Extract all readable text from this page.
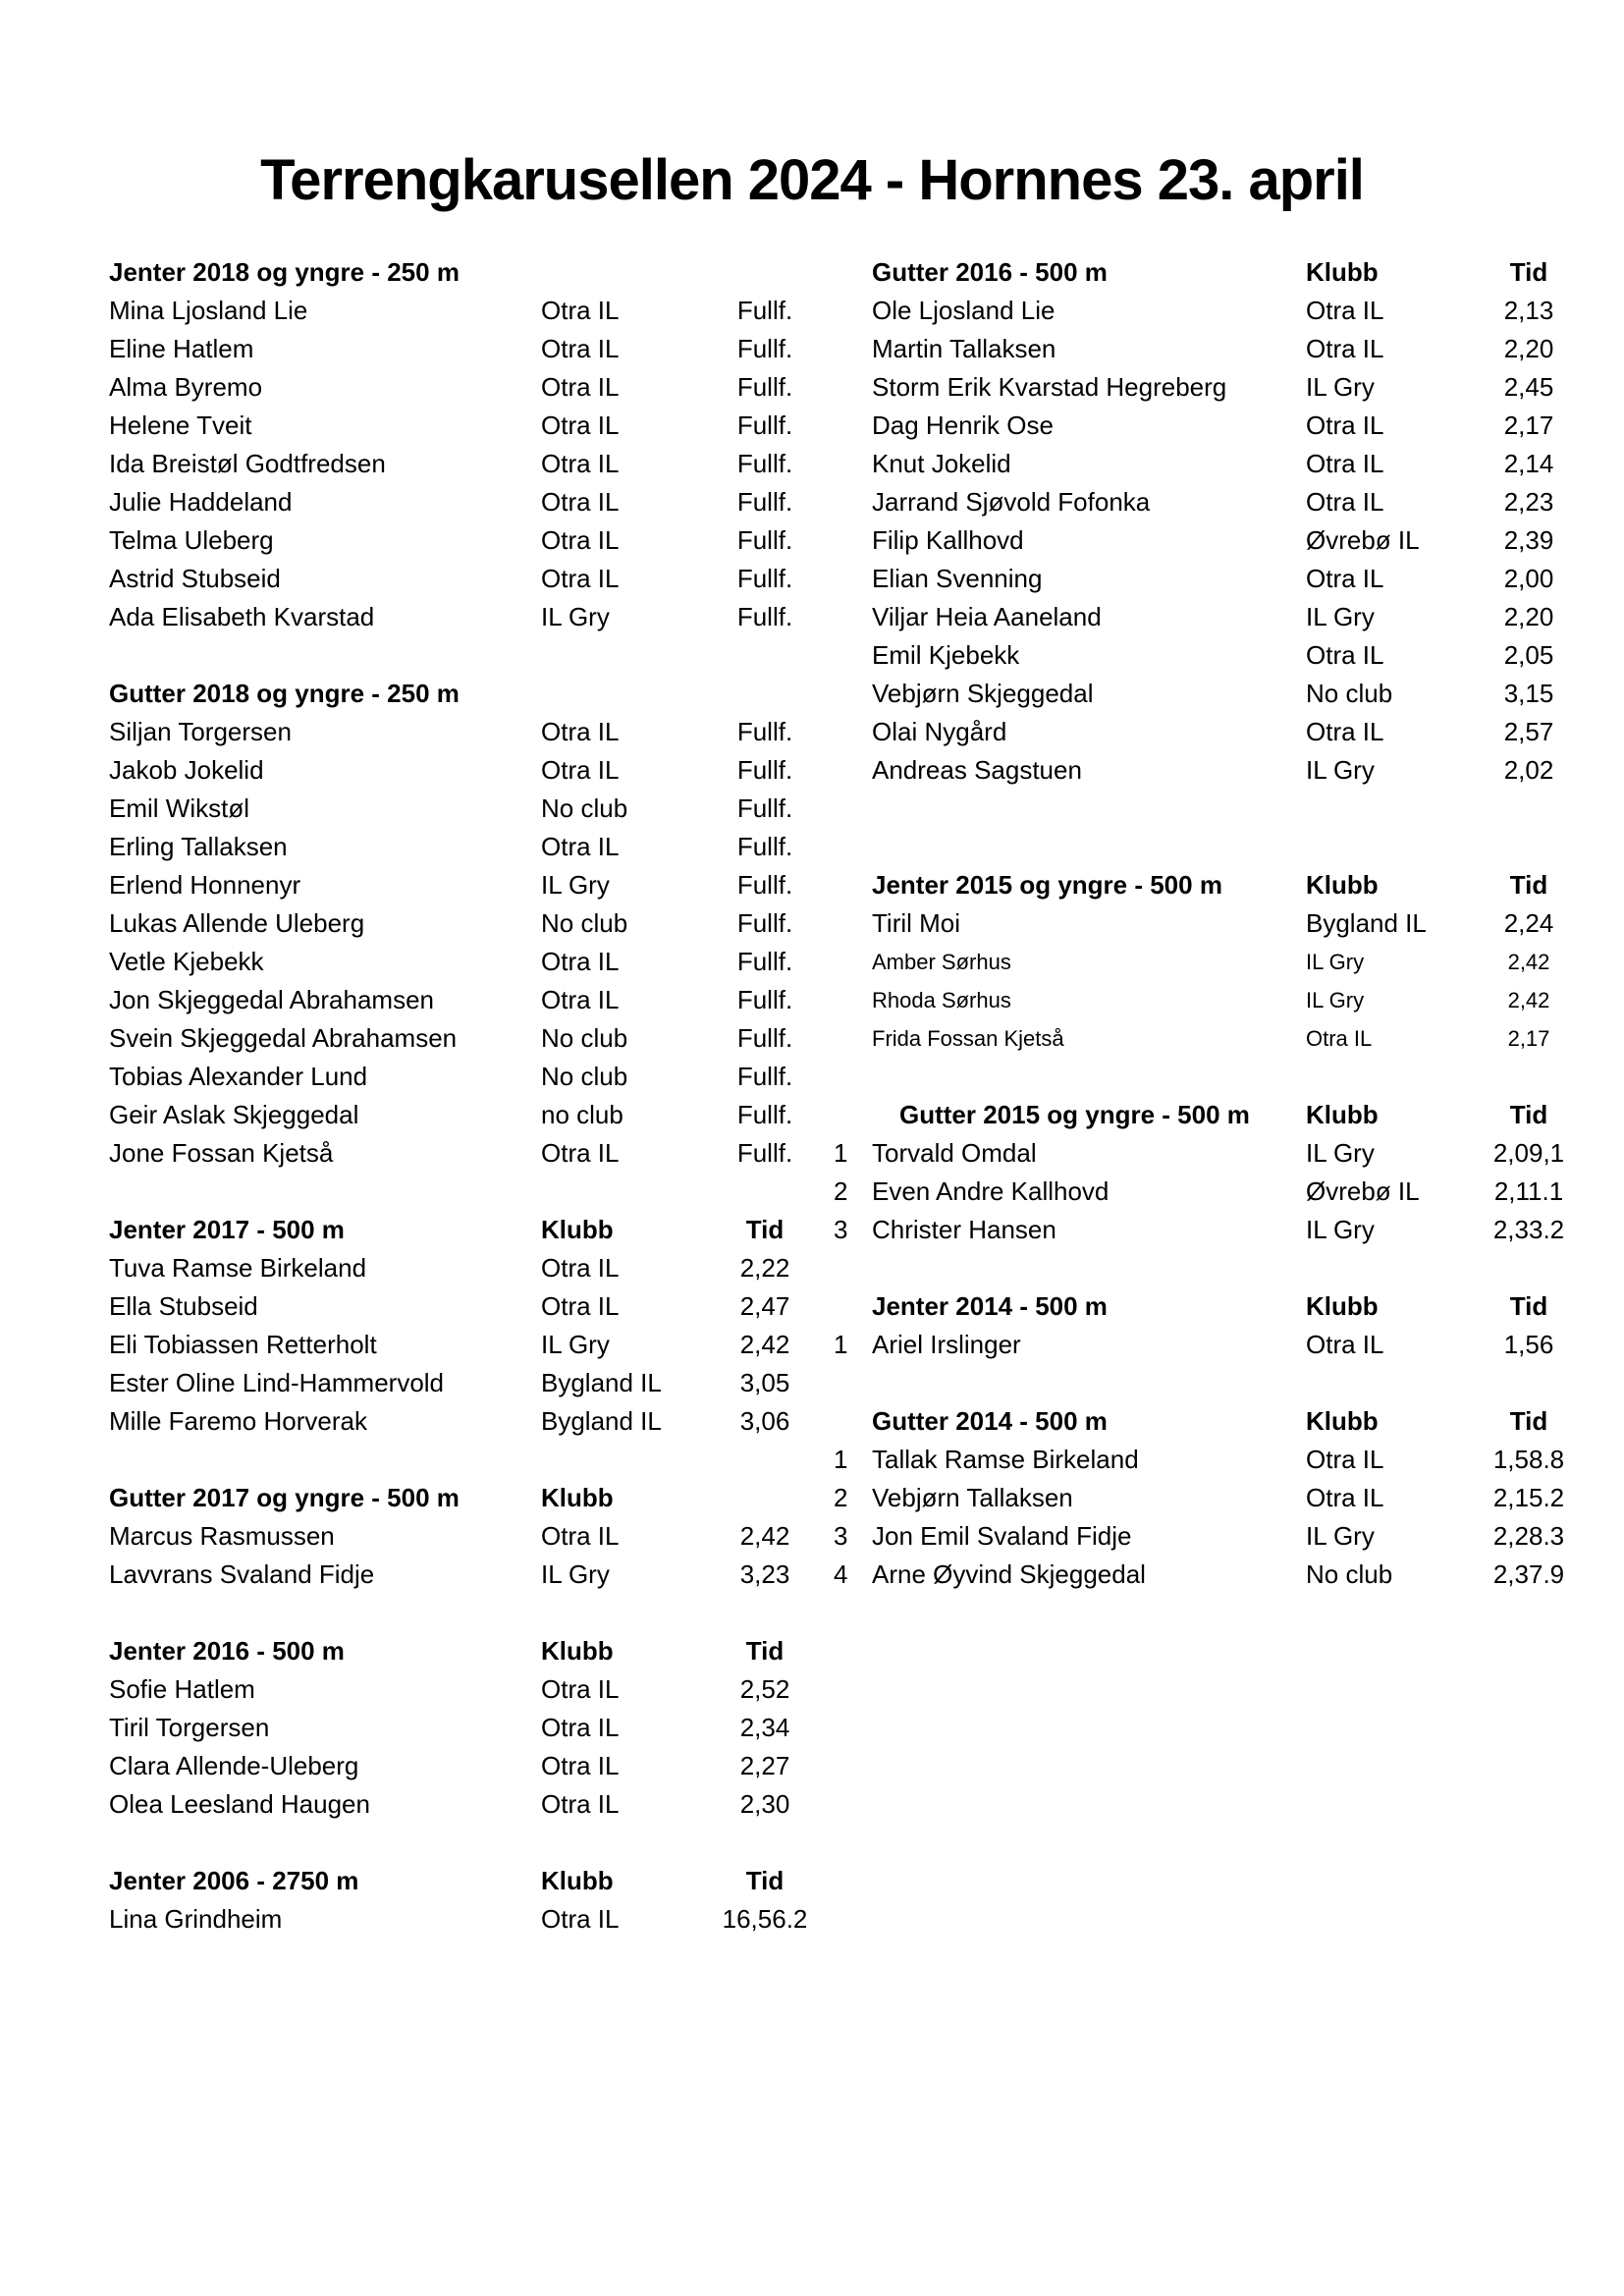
Terrengkarusellen 2024 - Hornnes 23. april
Jenter 2018 og yngre - 250 m
Mina Ljosland Lie	Otra IL	Fullf.
Eline Hatlem	Otra IL	Fullf.
Alma Byremo	Otra IL	Fullf.
Helene Tveit	Otra IL	Fullf.
Ida Breistøl Godtfredsen	Otra IL	Fullf.
Julie Haddeland	Otra IL	Fullf.
Telma Uleberg	Otra IL	Fullf.
Astrid Stubseid	Otra IL	Fullf.
Ada Elisabeth Kvarstad	IL Gry	Fullf.
Gutter 2018 og yngre - 250 m
Siljan Torgersen	Otra IL	Fullf.
Jakob Jokelid	Otra IL	Fullf.
Emil Wikstøl	No club	Fullf.
Erling Tallaksen	Otra IL	Fullf.
Erlend Honnenyr	IL Gry	Fullf.
Lukas Allende Uleberg	No club	Fullf.
Vetle Kjebekk	Otra IL	Fullf.
Jon Skjeggedal Abrahamsen	Otra IL	Fullf.
Svein Skjeggedal Abrahamsen	No club	Fullf.
Tobias Alexander Lund	No club	Fullf.
Geir Aslak Skjeggedal	no club	Fullf.
Jone Fossan Kjetså	Otra IL	Fullf.
Jenter 2017 - 500 m	Klubb	Tid
Tuva Ramse Birkeland	Otra IL	2,22
Ella Stubseid	Otra IL	2,47
Eli Tobiassen Retterholt	IL Gry	2,42
Ester Oline Lind-Hammervold	Bygland IL	3,05
Mille Faremo Horverak	Bygland IL	3,06
Gutter 2017 og yngre - 500 m	Klubb
Marcus Rasmussen	Otra IL	2,42
Lavvrans Svaland Fidje	IL Gry	3,23
Jenter 2016 - 500 m	Klubb	Tid
Sofie Hatlem	Otra IL	2,52
Tiril Torgersen	Otra IL	2,34
Clara Allende-Uleberg	Otra IL	2,27
Olea Leesland Haugen	Otra IL	2,30
Jenter 2006 - 2750 m	Klubb	Tid
Lina Grindheim	Otra IL	16,56.2
Gutter 2016 - 500 m	Klubb	Tid
Ole Ljosland Lie	Otra IL	2,13
Martin Tallaksen	Otra IL	2,20
Storm Erik Kvarstad Hegreberg	IL Gry	2,45
Dag Henrik Ose	Otra IL	2,17
Knut Jokelid	Otra IL	2,14
Jarrand Sjøvold Fofonka	Otra IL	2,23
Filip Kallhovd	Øvrebø IL	2,39
Elian Svenning	Otra IL	2,00
Viljar Heia Aaneland	IL Gry	2,20
Emil Kjebekk	Otra IL	2,05
Vebjørn Skjeggedal	No club	3,15
Olai Nygård	Otra IL	2,57
Andreas Sagstuen	IL Gry	2,02
Jenter 2015 og yngre - 500 m	Klubb	Tid
Tiril Moi	Bygland IL	2,24
Amber Sørhus	IL Gry	2,42
Rhoda Sørhus	IL Gry	2,42
Frida Fossan Kjetså	Otra IL	2,17
Gutter 2015 og yngre - 500 m	Klubb	Tid
1 Torvald Omdal	IL Gry	2,09,1
2 Even Andre Kallhovd	Øvrebø IL	2,11.1
3 Christer Hansen	IL Gry	2,33.2
Jenter 2014 - 500 m	Klubb	Tid
1 Ariel Irslinger	Otra IL	1,56
Gutter 2014 - 500 m	Klubb	Tid
1 Tallak Ramse Birkeland	Otra IL	1,58.8
2 Vebjørn Tallaksen	Otra IL	2,15.2
3 Jon Emil Svaland Fidje	IL Gry	2,28.3
4 Arne Øyvind Skjeggedal	No club	2,37.9
